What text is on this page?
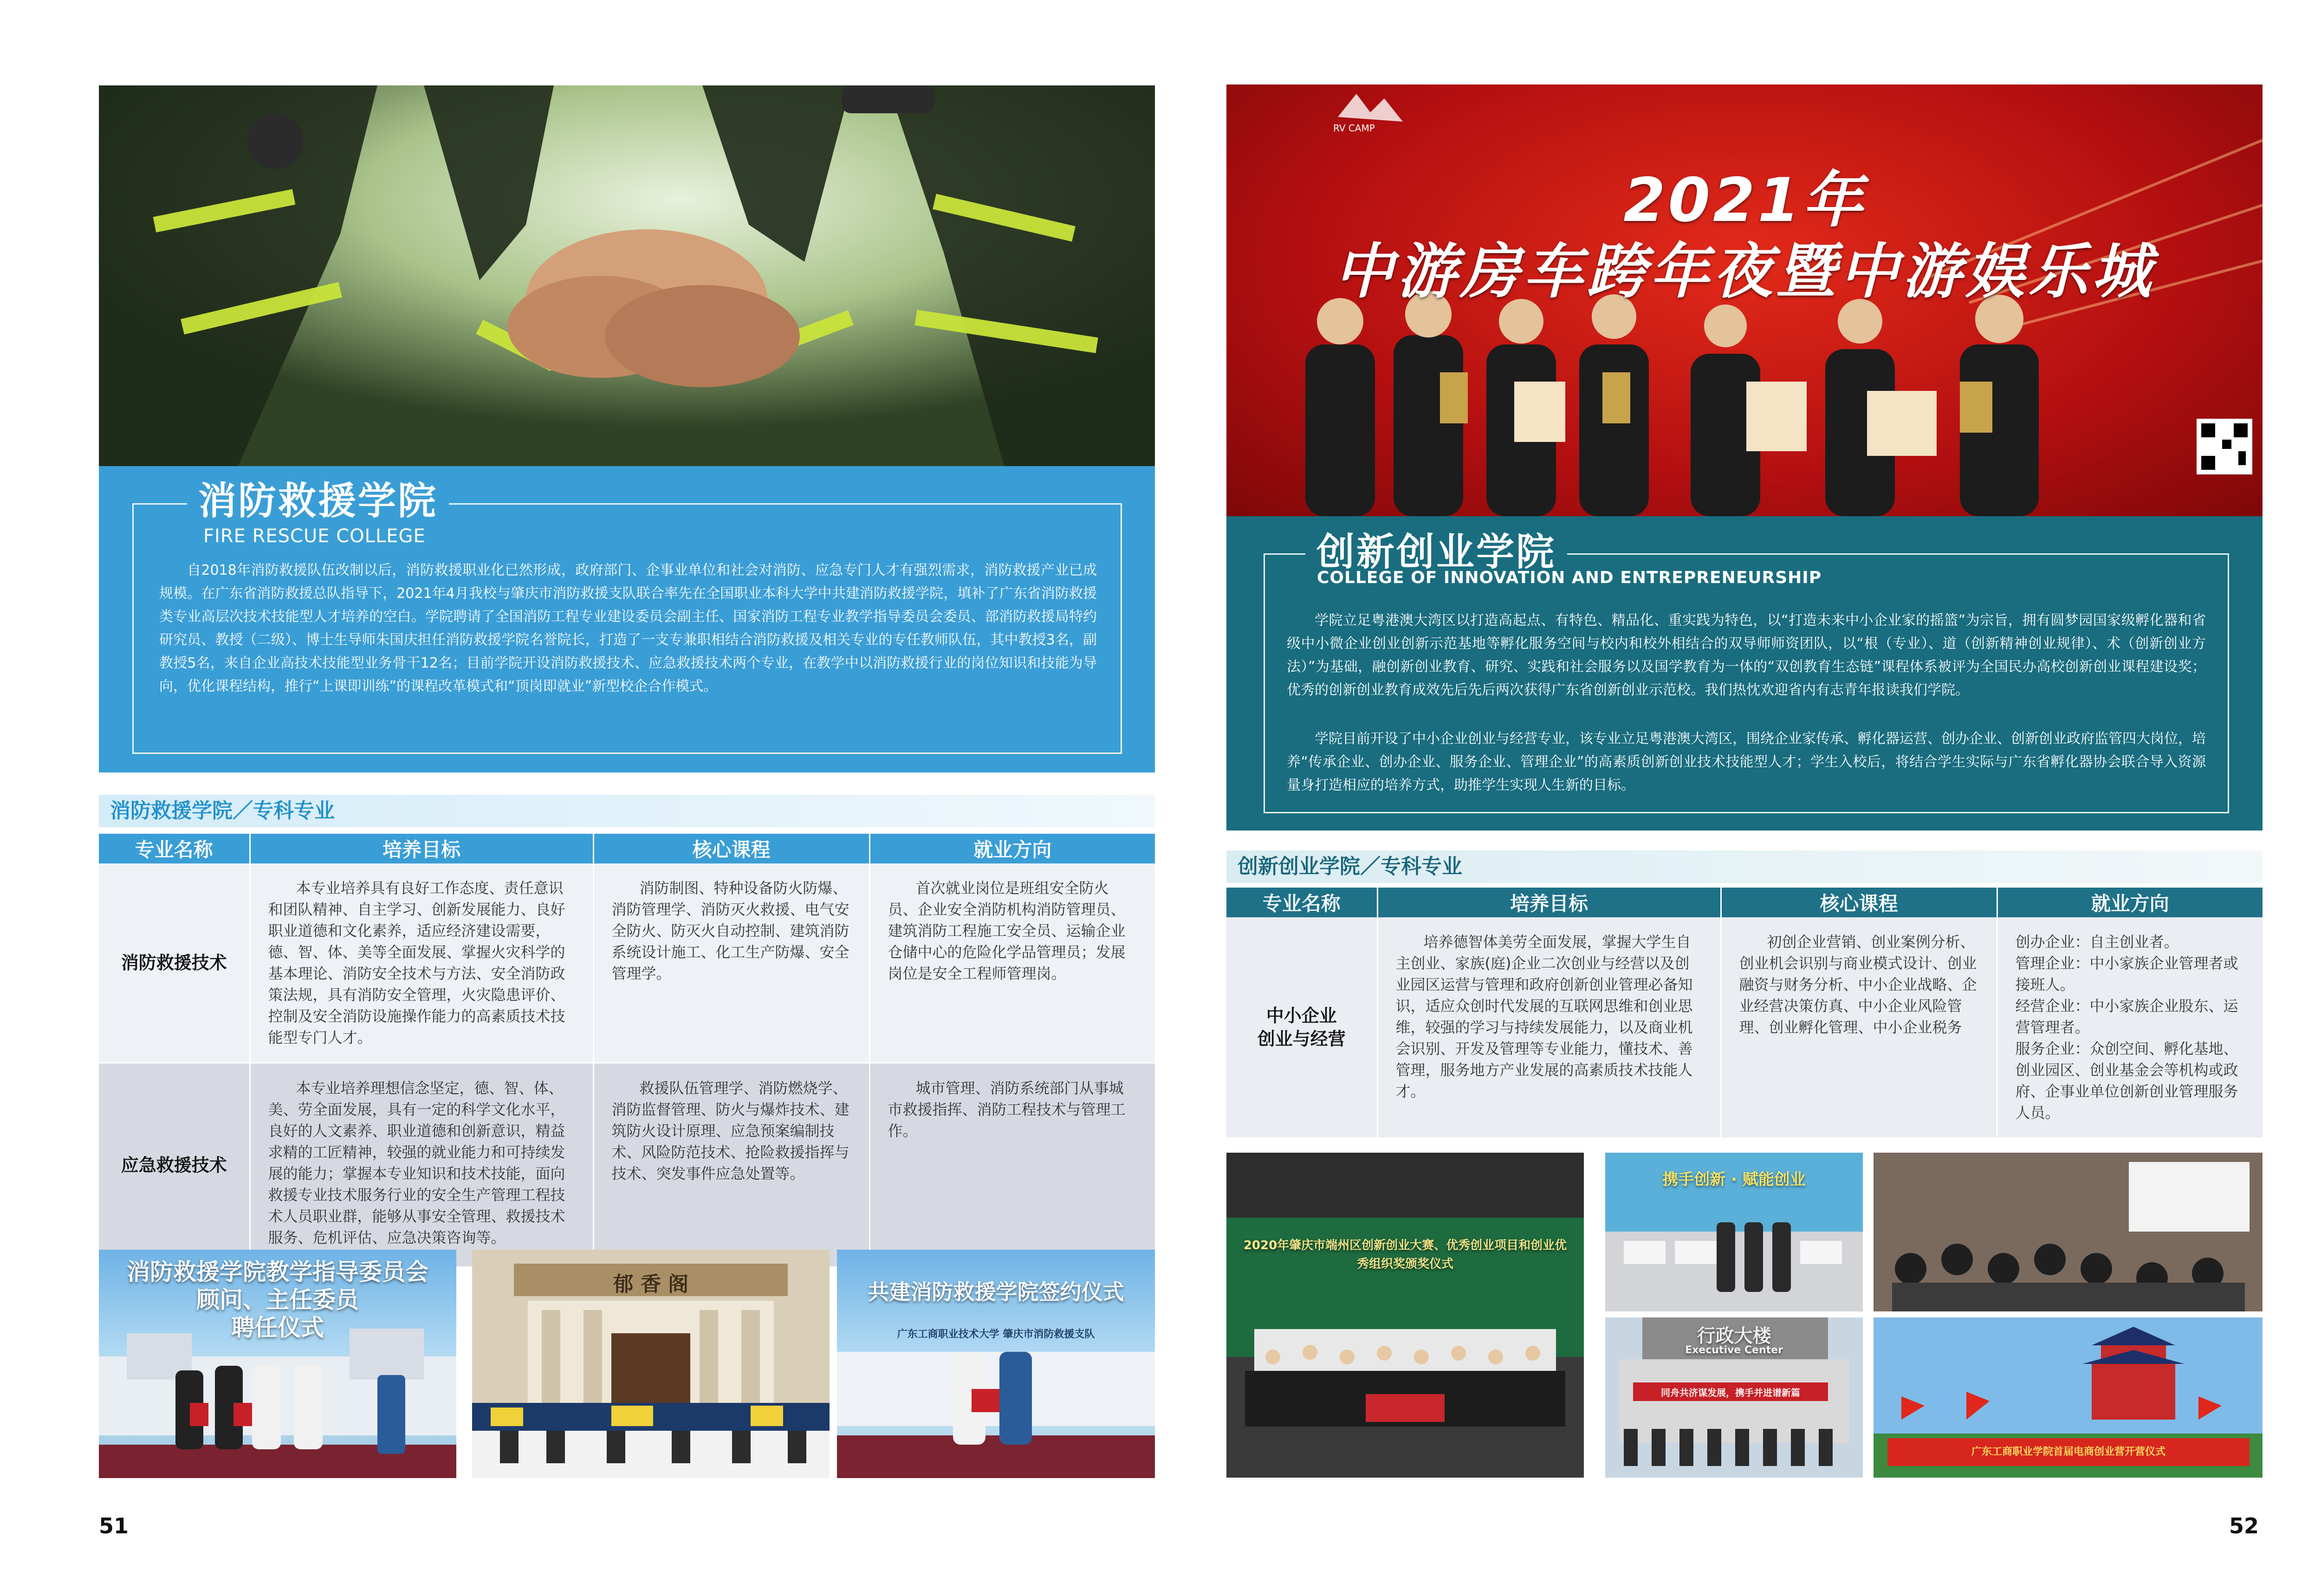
消防救援学院
FIRE RESCUE COLLEGE
自2018年消防救援队伍改制以后，消防救援职业化已然形成，政府部门、企事业单位和社会对消防、应急专门人才有强烈需求，消防救援产业已成规模。在广东省消防救援总队指导下，2021年4月我校与肇庆市消防救援支队联合率先在全国职业本科大学中共建消防救援学院，填补了广东省消防救援类专业高层次技术技能型人才培养的空白。学院聘请了全国消防工程专业建设委员会副主任、国家消防工程专业教学指导委员会委员、部消防救援局特约研究员、教授（二级）、博士生导师朱国庆担任消防救援学院名誉院长，打造了一支专兼职相结合消防救援及相关专业的专任教师队伍，其中教授3名，副教授5名，来自企业高技术技能型业务骨干12名；目前学院开设消防救援技术、应急救援技术两个专业，在教学中以消防救援行业的岗位知识和技能为导向，优化课程结构，推行“上课即训练”的课程改革模式和“顶岗即就业”新型校企合作模式。
消防救援学院／专科专业
专业名称	培养目标	核心课程	就业方向
消防救援技术	本专业培养具有良好工作态度、责任意识和团队精神、自主学习、创新发展能力、良好职业道德和文化素养，适应经济建设需要，德、智、体、美等全面发展、掌握火灾科学的基本理论、消防安全技术与方法、安全消防政策法规，具有消防安全管理，火灾隐患评价、控制及安全消防设施操作能力的高素质技术技能型专门人才。	消防制图、特种设备防火防爆、消防管理学、消防灭火救援、电气安全防火、防灭火自动控制、建筑消防系统设计施工、化工生产防爆、安全管理学。	首次就业岗位是班组安全防火员、企业安全消防机构消防管理员、建筑消防工程施工安全员、运输企业仓储中心的危险化学品管理员；发展岗位是安全工程师管理岗。
应急救援技术	本专业培养理想信念坚定，德、智、体、美、劳全面发展，具有一定的科学文化水平，良好的人文素养、职业道德和创新意识，精益求精的工匠精神，较强的就业能力和可持续发展的能力；掌握本专业知识和技术技能，面向救援专业技术服务行业的安全生产管理工程技术人员职业群，能够从事安全管理、救援技术服务、危机评估、应急决策咨询等。	救援队伍管理学、消防燃烧学、消防监督管理、防火与爆炸技术、建筑防火设计原理、应急预案编制技术、风险防范技术、抢险救援指挥与技术、突发事件应急处置等。	城市管理、消防系统部门从事城市救援指挥、消防工程技术与管理工作。
消防救援学院教学指导委员会
顾问、主任委员
聘任仪式
郁 香 阁	共建消防救援学院签约仪式
广东工商职业技术大学 肇庆市消防救援支队
51
RV CAMP
2021年
中游房车跨年夜暨中游娱乐城
创新创业学院
COLLEGE OF INNOVATION AND ENTREPRENEURSHIP
学院立足粤港澳大湾区以打造高起点、有特色、精品化、重实践为特色，以“打造未来中小企业家的摇篮”为宗旨，拥有圆梦园国家级孵化器和省级中小微企业创业创新示范基地等孵化服务空间与校内和校外相结合的双导师师资团队，以“根（专业）、道（创新精神创业规律）、术（创新创业方法）”为基础，融创新创业教育、研究、实践和社会服务以及国学教育为一体的“双创教育生态链”课程体系被评为全国民办高校创新创业课程建设奖；优秀的创新创业教育成效先后先后两次获得广东省创新创业示范校。我们热忱欢迎省内有志青年报读我们学院。
学院目前开设了中小企业创业与经营专业，该专业立足粤港澳大湾区，围绕企业家传承、孵化器运营、创办企业、创新创业政府监管四大岗位，培养“传承企业、创办企业、服务企业、管理企业”的高素质创新创业技术技能型人才；学生入校后，将结合学生实际与广东省孵化器协会联合导入资源量身打造相应的培养方式，助推学生实现人生新的目标。
创新创业学院／专科专业
专业名称	培养目标	核心课程	就业方向
中小企业
创业与经营	培养德智体美劳全面发展，掌握大学生自主创业、家族(庭)企业二次创业与经营以及创业园区运营与管理和政府创新创业管理必备知识，适应众创时代发展的互联网思维和创业思维，较强的学习与持续发展能力，以及商业机会识别、开发及管理等专业能力，懂技术、善管理，服务地方产业发展的高素质技术技能人才。	初创企业营销、创业案例分析、创业机会识别与商业模式设计、创业融资与财务分析、中小企业战略、企业经营决策仿真、中小企业风险管理、创业孵化管理、中小企业税务	创办企业：自主创业者。
管理企业：中小家族企业管理者或接班人。
经营企业：中小家族企业股东、运营管理者。
服务企业：众创空间、孵化基地、创业园区、创业基金会等机构或政府、企事业单位创新创业管理服务人员。
2020年肇庆市端州区创新创业大赛、优秀创业项目和创业优秀组织奖颁奖仪式
携手创新 · 赋能创业
行政大楼
Executive Center
同舟共济谋发展，携手并进谱新篇
广东工商职业学院首届电商创业营开营仪式
52
